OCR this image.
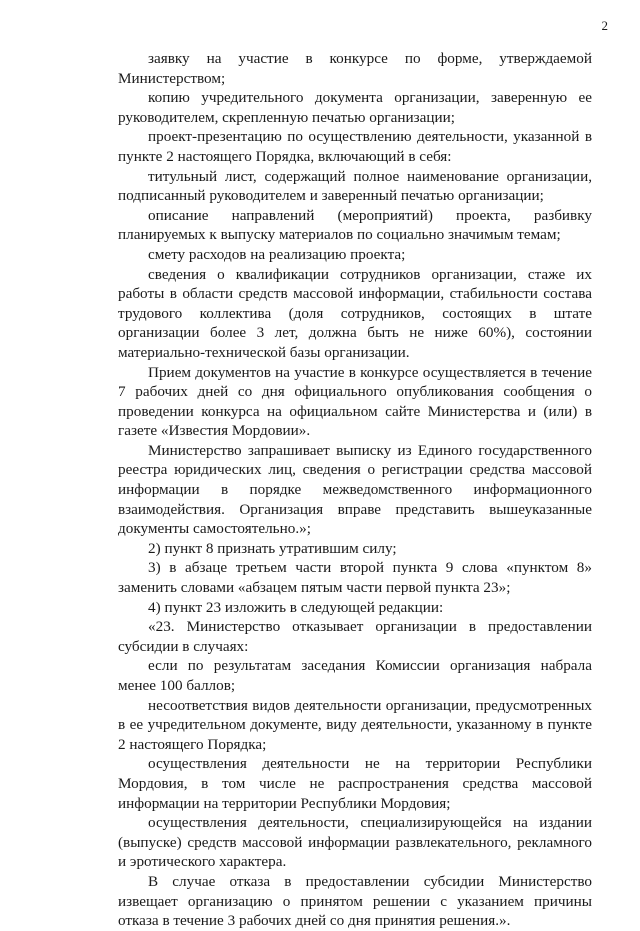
2

заявку на участие в конкурсе по форме, утверждаемой Министерством;

копию учредительного документа организации, заверенную ее руководителем, скрепленную печатью организации;

проект-презентацию по осуществлению деятельности, указанной в пункте 2 настоящего Порядка, включающий в себя:

титульный лист, содержащий полное наименование организации, подписанный руководителем и заверенный печатью организации;

описание направлений (мероприятий) проекта, разбивку планируемых к выпуску материалов по социально значимым темам;

смету расходов на реализацию проекта;

сведения о квалификации сотрудников организации, стаже их работы в области средств массовой информации, стабильности состава трудового коллектива (доля сотрудников, состоящих в штате организации более 3 лет, должна быть не ниже 60%), состоянии материально-технической базы организации.

Прием документов на участие в конкурсе осуществляется в течение 7 рабочих дней со дня официального опубликования сообщения о проведении конкурса на официальном сайте Министерства и (или) в газете «Известия Мордовии».

Министерство запрашивает выписку из Единого государственного реестра юридических лиц, сведения о регистрации средства массовой информации в порядке межведомственного информационного взаимодействия. Организация вправе представить вышеуказанные документы самостоятельно.»;

2) пункт 8 признать утратившим силу;

3) в абзаце третьем части второй пункта 9 слова «пунктом 8» заменить словами «абзацем пятым части первой пункта 23»;

4) пункт 23 изложить в следующей редакции:

«23. Министерство отказывает организации в предоставлении субсидии в случаях:

если по результатам заседания Комиссии организация набрала менее 100 баллов;

несоответствия видов деятельности организации, предусмотренных в ее учредительном документе, виду деятельности, указанному в пункте 2 настоящего Порядка;

осуществления деятельности не на территории Республики Мордовия, в том числе не распространения средства массовой информации на территории Республики Мордовия;

осуществления деятельности, специализирующейся на издании (выпуске) средств массовой информации развлекательного, рекламного и эротического характера.

В случае отказа в предоставлении субсидии Министерство извещает организацию о принятом решении с указанием причины отказа в течение 3 рабочих дней со дня принятия решения.».
